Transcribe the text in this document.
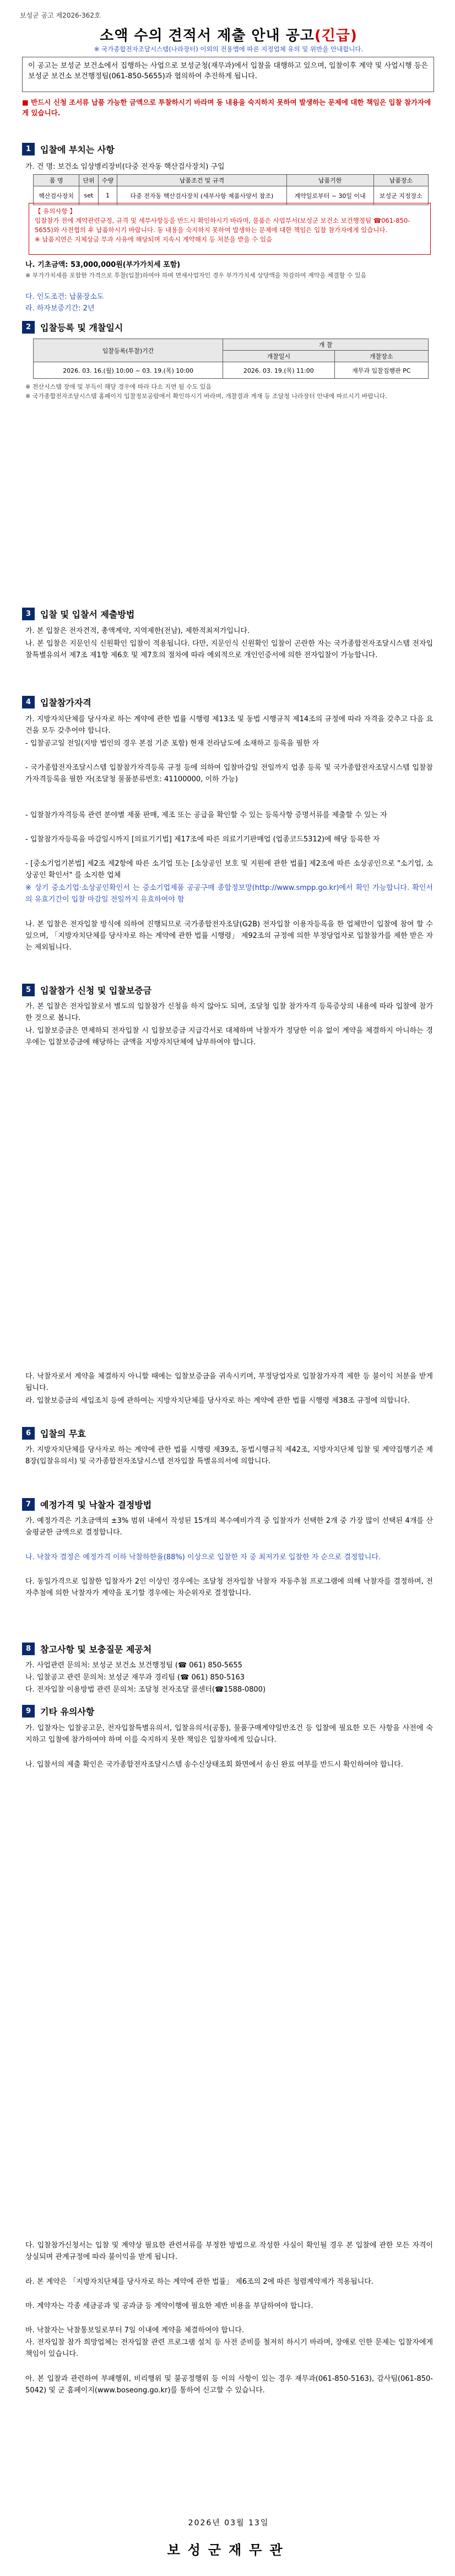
보성군 공고 제2026-362호
소액 수의 견적서 제출 안내 공고(긴급)
※ 국가종합전자조달시스템(나라장터) 이외의 전용앱에 따른 지정업체 유의 및 위반을 안내합니다.
이 공고는 보성군 보건소에서 집행하는 사업으로 보성군청(재무과)에서 입찰을 대행하고 있으며, 입찰이후 계약 및 사업시행 등은 보성군 보건소 보건행정팀(061-850-5655)과 협의하여 추진하게 됩니다.
■ 반드시 신청 조서류 납품 가능한 금액으로 투찰하시기 바라며 동 내용을 숙지하지 못하여 발생하는 문제에 대한 책임은 입찰 참가자에게 있습니다.
1	입찰에 부치는 사항
가. 건 명: 보건소 임상병리장비(다중 전자동 핵산검사장치) 구입
품 명	단위	수량	납품조건 및 규격	납품기한	납품장소
핵산검사장치	set	1	다중 전자동 핵산검사장치 (세부사항 제품사양서 참조)	계약일로부터 ~ 30일 이내	보성군 지정장소
【 유의사항 】
입찰참가 전에 계약관련규정, 규격 및 세부사항등을 반드시 확인하시기 바라며, 물품은 사업부서(보성군 보건소 보건행정팀 ☎061-850-5655)와 사전협의 후 납품하시기 바랍니다. 동 내용을 숙지하지 못하여 발생하는 문제에 대한 책임은 입찰 참가자에게 있습니다.
※ 납품지연은 지체상금 부과 사유에 해당되며 지속시 계약해지 등 처분을 받을 수 있음
나. 기초금액: 53,000,000원(부가가치세 포함)
※ 부가가치세를 포함한 가격으로 투찰(입찰)하여야 하며 면세사업자인 경우 부가가치세 상당액을 차감하여 계약을 체결할 수 있음
다. 인도조건: 납품장소도
라. 하자보증기간: 2년
2	입찰등록 및 개찰일시
입찰등록(투찰)기간	개 찰	
	개찰일시	개찰장소
2026. 03. 16.(월) 10:00 ~ 03. 19.(목) 10:00	2026. 03. 19.(목) 11:00	재무과 입찰집행관 PC
※ 전산시스템 장애 및 부득이 해당 경우에 따라 다소 지연 될 수도 있음
※ 국가종합전자조달시스템 홈페이지 입찰정보공람에서 확인하시기 바라며, 개찰결과 게재 등 조달청 나라장터 안내에 따르시기 바랍니다.
3	입찰 및 입찰서 제출방법
가. 본 입찰은 전자견적, 총액계약, 지역제한(전남), 제한적최저가입니다.
나. 본 입찰은 지문인식 신원확인 입찰이 적용됩니다. 다만, 지문인식 신원확인 입찰이 곤란한 자는 국가종합전자조달시스템 전자입찰특별유의서 제7조 제1항 제6호 및 제7호의 절차에 따라 예외적으로 개인인증서에 의한 전자입찰이 가능합니다.
4	입찰참가자격
가. 지방자치단체를 당사자로 하는 계약에 관한 법률 시행령 제13조 및 동법 시행규칙 제14조의 규정에 따라 자격을 갖추고 다음 요건을 모두 갖추어야 합니다.
- 입찰공고일 전일(지방 법인의 경우 본점 기준 포함) 현재 전라남도에 소재하고 등록을 필한 자
- 국가종합전자조달시스템 입찰참가자격등록 규정 등에 의하여 입찰마감일 전일까지 업종 등록 및 국가종합전자조달시스템 입찰참가자격등록을 필한 자(조달청 물품분류번호: 41100000, 이하 가능)
- 입찰참가자격등록 관련 분야별 제품 판매, 제조 또는 공급을 확인할 수 있는 등록사항 증명서류를 제출할 수 있는 자
- 입찰참가자등록을 마감일시까지 [의료기기법] 제17조에 따른 의료기기판매업 (업종코드5312)에 해당 등록한 자
- [중소기업기본법] 제2조 제2항에 따른 소기업 또는 [소상공인 보호 및 지원에 관한 법률] 제2조에 따른 소상공인으로 "소기업, 소상공인 확인서" 를 소지한 업체
※ 상기 중소기업·소상공인확인서 는 중소기업제품 공공구매 종합정보망(http://www.smpp.go.kr)에서 확인 가능합니다. 확인서의 유효기간이 입찰 마감일 전일까지 유효하여야 함
나. 본 입찰은 전자입찰 방식에 의하여 진행되므로 국가종합전자조달(G2B) 전자입찰 이용자등록을 한 업체만이 입찰에 참여 할 수 있으며, 「지방자치단체를 당사자로 하는 계약에 관한 법률 시행령」 제92조의 규정에 의한 부정당업자로 입찰참가를 제한 받은 자는 제외됩니다.
5	입찰참가 신청 및 입찰보증금
가. 본 입찰은 전자입찰로서 별도의 입찰참가 신청을 하지 않아도 되며, 조달청 입찰 참가자격 등록증상의 내용에 따라 입찰에 참가한 것으로 봅니다.
나. 입찰보증금은 면제하되 전자입찰 시 입찰보증금 지급각서로 대체하며 낙찰자가 정당한 이유 없이 계약을 체결하지 아니하는 경우에는 입찰보증금에 해당하는 금액을 지방자치단체에 납부하여야 합니다.
다. 낙찰자로서 계약을 체결하지 아니할 때에는 입찰보증금을 귀속시키며, 부정당업자로 입찰참가자격 제한 등 불이익 처분을 받게 됩니다.
라. 입찰보증금의 세입조치 등에 관하여는 지방자치단체를 당사자로 하는 계약에 관한 법률 시행령 제38조 규정에 의합니다.
6	입찰의 무효
가. 지방자치단체를 당사자로 하는 계약에 관한 법률 시행령 제39조, 동법시행규칙 제42조, 지방자치단체 입찰 및 계약집행기준 제8장(입찰유의서) 및 국가종합전자조달시스템 전자입찰 특별유의서에 의합니다.
7	예정가격 및 낙찰자 결정방법
가. 예정가격은 기초금액의 ±3% 범위 내에서 작성된 15개의 복수예비가격 중 입찰자가 선택한 2개 중 가장 많이 선택된 4개를 산술평균한 금액으로 결정합니다.
나. 낙찰자 결정은 예정가격 이하 낙찰하한율(88%) 이상으로 입찰한 자 중 최저가로 입찰한 자 순으로 결정합니다.
다. 동일가격으로 입찰한 입찰자가 2인 이상인 경우에는 조달청 전자입찰 낙찰자 자동추첨 프로그램에 의해 낙찰자를 결정하며, 전자추첨에 의한 낙찰자가 계약을 포기할 경우에는 차순위자로 결정합니다.
8	참고사항 및 보충질문 제공처
가. 사업관련 문의처: 보성군 보건소 보건행정팀 (☎ 061) 850-5655
나. 입찰공고 관련 문의처: 보성군 재무과 경리팀 (☎ 061) 850-5163
다. 전자입찰 이용방법 관련 문의처: 조달청 전자조달 콜센터(☎1588-0800)
9	기타 유의사항
가. 입찰자는 입찰공고문, 전자입찰특별유의서, 입찰유의서(공통), 물품구매계약일반조건 등 입찰에 필요한 모든 사항을 사전에 숙지하고 입찰에 참가하여야 하며 이를 숙지하지 못한 책임은 입찰자에게 있습니다.
나. 입찰서의 제출 확인은 국가종합전자조달시스템 송수신상태조회 화면에서 송신 완료 여부를 반드시 확인하여야 합니다.
다. 입찰참가신청서는 입찰 및 계약상 필요한 관련서류를 부정한 방법으로 작성한 사실이 확인될 경우 본 입찰에 관한 모든 자격이 상실되며 관계규정에 따라 불이익을 받게 됩니다.
라. 본 계약은 「지방자치단체를 당사자로 하는 계약에 관한 법률」 제6조의 2에 따른 청렴계약제가 적용됩니다.
마. 계약자는 각종 세금공과 및 공과금 등 계약이행에 필요한 제반 비용을 부담하여야 합니다.
바. 낙찰자는 낙찰통보일로부터 7일 이내에 계약을 체결하여야 합니다.
사. 전자입찰 참가 희망업체는 전자입찰 관련 프로그램 설치 등 사전 준비를 철저히 하시기 바라며, 장애로 인한 문제는 입찰자에게 책임이 있습니다.
아. 본 입찰과 관련하여 부패행위, 비리행위 및 불공정행위 등 이의 사항이 있는 경우 재무과(061-850-5163), 감사팀(061-850-5042) 및 군 홈페이지(www.boseong.go.kr)를 통하여 신고할 수 있습니다.
2026년 03월 13일
보성군재무관
